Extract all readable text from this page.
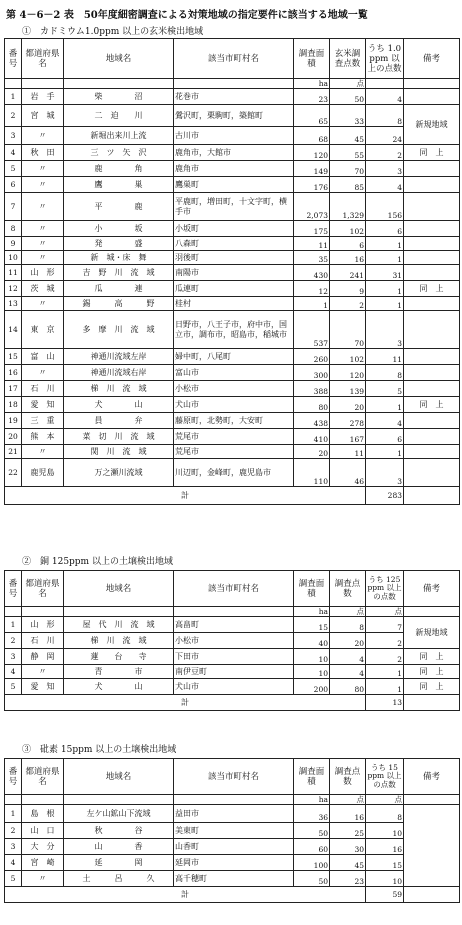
第 4－6－2 表　50年度細密調査による対策地域の指定要件に該当する地域一覧
①　カドミウム1.0ppm 以上の玄米検出地域
番号	都道府県名	地域名	該当市町村名	調査面積	玄米調査点数	うち 1.0 ppm 以上の点数	備考
				ha	点		
1	岩　手	柴　　　　沼	花巻市	23	50	4	
2	宮　城	二　迫　　川	鶯沢町，栗駒町，築館町	65	33	8	新規地域
3	〃	新堀出来川上流	古川市	68	45	24	
4	秋　田	三　ツ　矢　沢	鹿角市，大館市	120	55	2	同　上
5	〃	鹿　　　　角	鹿角市	149	70	3	
6	〃	鷹　　　　巣	鷹巣町	176	85	4	
7	〃	平　　　　鹿	平鹿町，増田町，十文字町，横手市	2,073	1,329	156	
8	〃	小　　　　坂	小坂町	175	102	6	
9	〃	発　　　　盛	八森町	11	6	1	
10	〃	新　城・床　舞	羽後町	35	16	1	
11	山　形	吉　野　川　流　域	南陽市	430	241	31	
12	茨　城	瓜　　　　連	瓜連町	12	9	1	同　上
13	〃	錫　　　高　　　野	桂村	1	2	1	
14	東　京	多　摩　川　流　域	日野市，八王子市，府中市，国立市，調布市，昭島市，稲城市	537	70	3	
15	富　山	神通川流域左岸	婦中町，八尾町	260	102	11	
16	〃	神通川流域右岸	富山市	300	120	8	
17	石　川	梯　川　流　域	小松市	388	139	5	
18	愛　知	犬　　　　山	犬山市	80	20	1	同　上
19	三　重	員　　　　弁	藤原町，北勢町，大安町	438	278	4	
20	熊　本	菜　切　川　流　域	荒尾市	410	167	6	
21	〃	関　川　流　域	荒尾市	20	11	1	
22	鹿児島	万之瀬川流域	川辺町，金峰町，鹿児島市	110	46	3	
計						283	
②　銅 125ppm 以上の土壌検出地域
番号	都道府県名	地域名	該当市町村名	調査面積	調査点数	うち 125 ppm 以上の点数	備考
				ha	点	点	
1	山　形	屋　代　川　流　域	高畠町	15	8	7	新規地域
2	石　川	梯　川　流　域	小松市	40	20	2	
3	静　岡	蓮　　台　　寺	下田市	10	4	2	同　上
4	〃	青　　　　市	南伊豆町	10	4	1	同　上
5	愛　知	犬　　　　山	犬山市	200	80	1	同　上
計						13	
③　砒素 15ppm 以上の土壌検出地域
番号	都道府県名	地域名	該当市町村名	調査面積	調査点数	うち 15 ppm 以上の点数	備考
				ha	点	点	
1	島　根	左ケ山鉱山下流域	益田市	36	16	8	
2	山　口	秋　　　　谷	美東町	50	25	10	
3	大　分	山　　　　香	山香町	60	30	16	
4	宮　崎	延　　　　岡	延岡市	100	45	15	
5	〃	土　　　呂　　　久	高千穂町	50	23	10	
計						59	
